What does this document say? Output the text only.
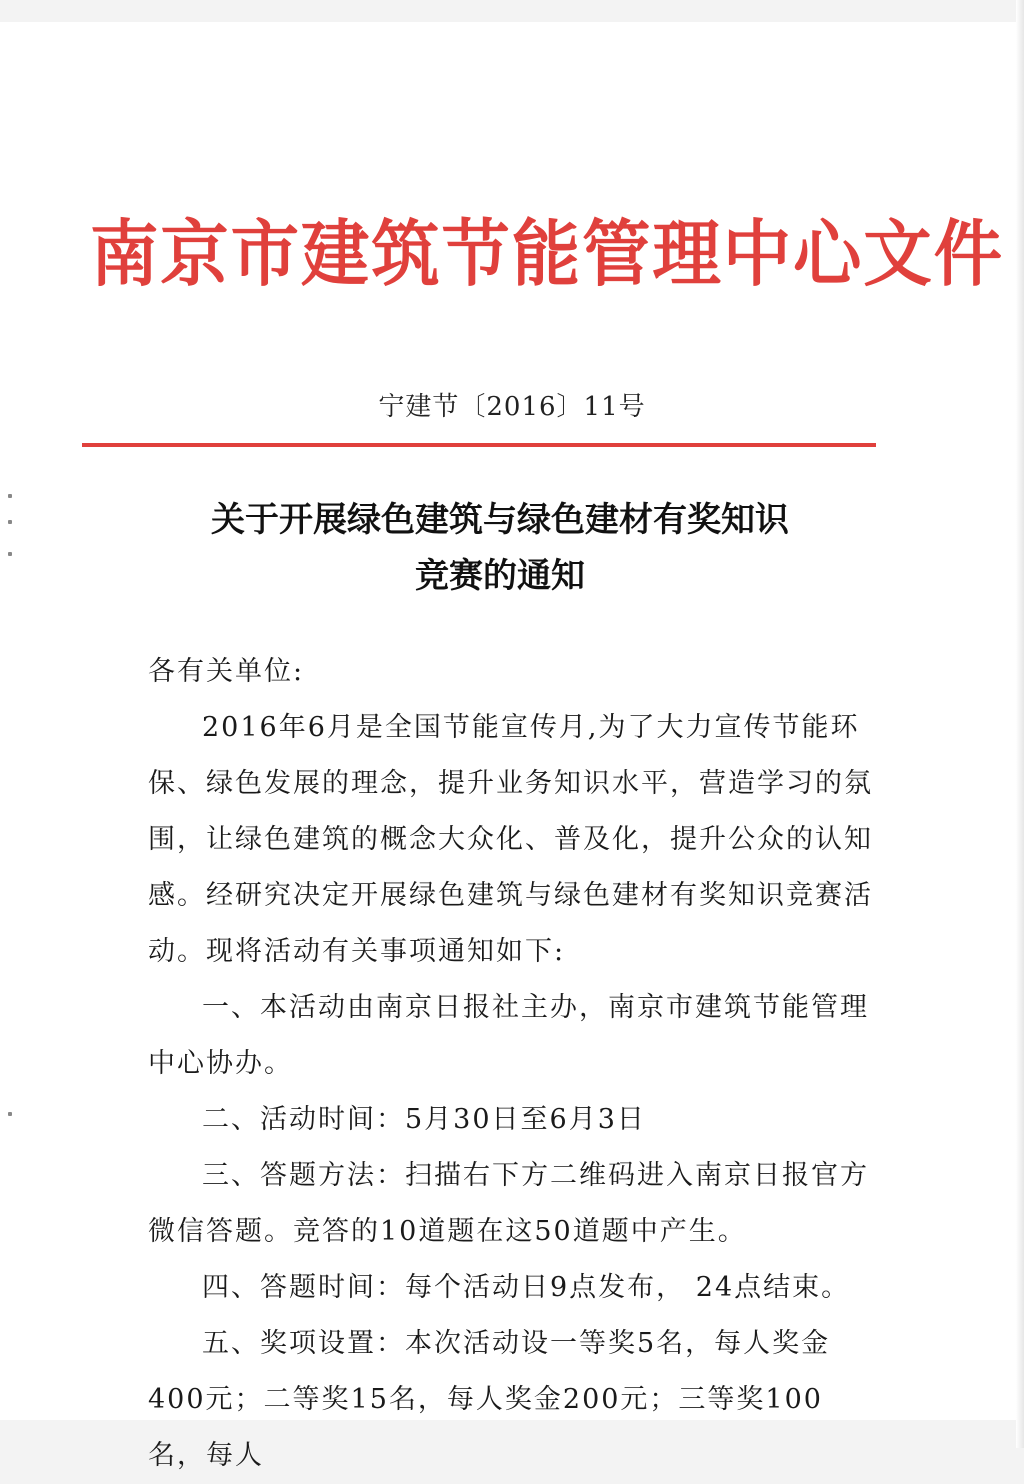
南京市建筑节能管理中心文件
宁建节〔2016〕11号
关于开展绿色建筑与绿色建材有奖知识
竞赛的通知

各有关单位:

2016年6月是全国节能宣传月,为了大力宣传节能环保、绿色发展的理念，提升业务知识水平，营造学习的氛围，让绿色建筑的概念大众化、普及化，提升公众的认知感。经研究决定开展绿色建筑与绿色建材有奖知识竞赛活动。现将活动有关事项通知如下:

一、本活动由南京日报社主办，南京市建筑节能管理中心协办。

二、活动时间：5月30日至6月3日

三、答题方法：扫描右下方二维码进入南京日报官方微信答题。竞答的10道题在这50道题中产生。

四、答题时间：每个活动日9点发布， 24点结束。

五、奖项设置：本次活动设一等奖5名，每人奖金400元；二等奖15名，每人奖金200元；三等奖100名，每人
